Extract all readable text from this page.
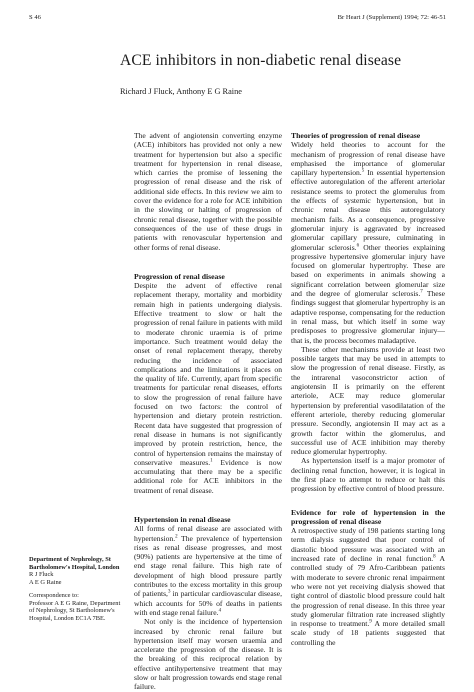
S 46	Br Heart J (Supplement) 1994; 72: 46-51
ACE inhibitors in non-diabetic renal disease
Richard J Fluck, Anthony E G Raine

The advent of angiotensin converting enzyme (ACE) inhibitors has provided not only a new treatment for hypertension but also a specific treatment for hypertension in renal disease, which carries the promise of lessening the progression of renal disease and the risk of additional side effects. In this review we aim to cover the evidence for a role for ACE inhibition in the slowing or halting of progression of chronic renal disease, together with the possible consequences of the use of these drugs in patients with renovascular hypertension and other forms of renal disease.

Progression of renal disease

Despite the advent of effective renal replacement therapy, mortality and morbidity remain high in patients undergoing dialysis. Effective treatment to slow or halt the progression of renal failure in patients with mild to moderate chronic uraemia is of prime importance. Such treatment would delay the onset of renal replacement therapy, thereby reducing the incidence of associated complications and the limitations it places on the quality of life. Currently, apart from specific treatments for particular renal diseases, efforts to slow the progression of renal failure have focused on two factors: the control of hypertension and dietary protein restriction. Recent data have suggested that progression of renal disease in humans is not significantly improved by protein restriction, hence, the control of hypertension remains the mainstay of conservative measures.$^1$ Evidence is now accumulating that there may be a specific additional role for ACE inhibitors in the treatment of renal disease.

Hypertension in renal disease

All forms of renal disease are associated with hypertension.$^2$ The prevalence of hypertension rises as renal disease progresses, and most (90%) patients are hypertensive at the time of end stage renal failure. This high rate of development of high blood pressure partly contributes to the excess mortality in this group of patients,$^3$ in particular cardiovascular disease, which accounts for 50% of deaths in patients with end stage renal failure.$^4$

Not only is the incidence of hypertension increased by chronic renal failure but hypertension itself may worsen uraemia and accelerate the progression of the disease. It is the breaking of this reciprocal relation by effective antihypertensive treatment that may slow or halt progression towards end stage renal failure.

Theories of progression of renal disease

Widely held theories to account for the mechanism of progression of renal disease have emphasised the importance of glomerular capillary hypertension.$^5$ In essential hypertension effective autoregulation of the afferent arteriolar resistance seems to protect the glomerulus from the effects of systemic hypertension, but in chronic renal disease this autoregulatory mechanism fails. As a consequence, progressive glomerular injury is aggravated by increased glomerular capillary pressure, culminating in glomerular sclerosis.$^6$ Other theories explaining progressive hypertensive glomerular injury have focused on glomerular hypertrophy. These are based on experiments in animals showing a significant correlation between glomerular size and the degree of glomerular sclerosis.$^7$ These findings suggest that glomerular hypertrophy is an adaptive response, compensating for the reduction in renal mass, but which itself in some way predisposes to progressive glomerular injury—that is, the process becomes maladaptive.

These other mechanisms provide at least two possible targets that may be used in attempts to slow the progression of renal disease. Firstly, as the intrarenal vasoconstrictor action of angiotensin II is primarily on the efferent arteriole, ACE may reduce glomerular hypertension by preferential vasodilatation of the efferent arteriole, thereby reducing glomerular pressure. Secondly, angiotensin II may act as a growth factor within the glomerulus, and successful use of ACE inhibition may thereby reduce glomerular hypertrophy.

As hypertension itself is a major promoter of declining renal function, however, it is logical in the first place to attempt to reduce or halt this progression by effective control of blood pressure.

Evidence for role of hypertension in the progression of renal disease

A retrospective study of 198 patients starting long term dialysis suggested that poor control of diastolic blood pressure was associated with an increased rate of decline in renal function.$^8$ A controlled study of 79 Afro-Caribbean patients with moderate to severe chronic renal impairment who were not yet receiving dialysis showed that tight control of diastolic blood pressure could halt the progression of renal disease. In this three year study glomerular filtration rate increased slightly in response to treatment.$^9$ A more detailed small scale study of 18 patients suggested that controlling the

Department of Nephrology, St Bartholomew's Hospital, London
R J Fluck
A E G Raine
Correspondence to:
Professor A E G Raine, Department of Nephrology, St Bartholomew's Hospital, London EC1A 7BE.
